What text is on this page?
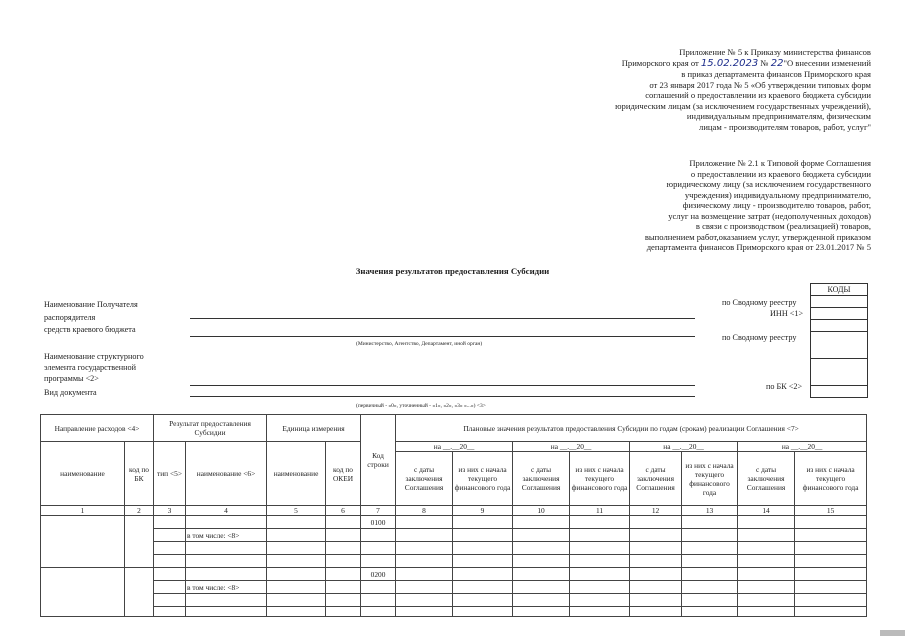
Приложение № 5 к Приказу министерства финансов
Приморского края от 15.02.2023 № 22"О внесении изменений
в приказ департамента финансов Приморского края
от 23 января 2017 года № 5 «Об утверждении типовых форм
соглашений о предоставлении из краевого бюджета субсидии
юридическим лицам (за исключением государственных учреждений),
индивидуальным предпринимателям, физическим
лицам - производителям товаров, работ, услуг"
Приложение № 2.1 к Типовой форме Соглашения
о предоставлении из краевого бюджета субсидии
юридическому лицу (за исключением государственного
учреждения) индивидуальному предпринимателю,
физическому лицу - производителю товаров, работ,
услуг на возмещение затрат (недополученных доходов)
в связи с производством (реализацией) товаров,
выполнением работ,оказанием услуг, утвержденной приказом
департамента финансов Приморского края от 23.01.2017 № 5
Значения результатов предоставления Субсидии
Наименование Получателя
распорядителя
средств краевого бюджета
(Министерство, Агентство, Департамент, иной орган)
Наименование структурного
элемента государственной
программы <2>
Вид документа
(первичный - «0», уточненный - «1», «2», «3» «...») <3>
по Сводному реестру
ИНН <1>
по Сводному реестру
по БК <2>
КОДЫ
Направление расходов <4>		Результат предоставления Субсидии		Единица измерения		Код строки	Плановые значения результатов предоставления Субсидии по годам (срокам) реализации Соглашения <7>							
наименование	код по БК	тип <5>	наименование <6>	наименование	код по ОКЕИ		на __.__20__		на __.__20__		на __.__20__		на __.__20__	
							с даты заключения Соглашения	из них с начала текущего финансового года	с даты заключения Соглашения	из них с начала текущего финансового года	с даты заключения Соглашения	из них с начала текущего финансового года	с даты заключения Соглашения	из них с начала текущего финансового года
1	2	3	4	5	6	7	8	9	10	11	12	13	14	15
						0100								
			в том числе: <8>											

						0200								
			в том числе: <8>											
